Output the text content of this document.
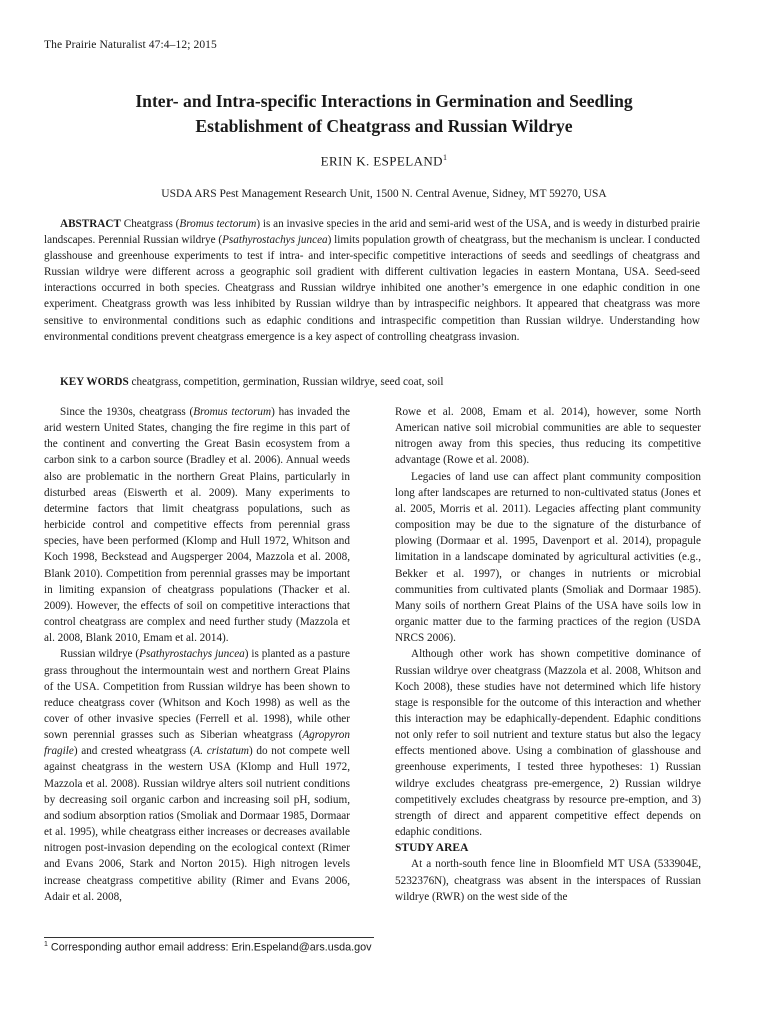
The Prairie Naturalist 47:4–12; 2015
Inter- and Intra-specific Interactions in Germination and Seedling
Establishment of Cheatgrass and Russian Wildrye
ERIN K. ESPELAND$^1$
USDA ARS Pest Management Research Unit, 1500 N. Central Avenue, Sidney, MT 59270, USA

ABSTRACT Cheatgrass (Bromus tectorum) is an invasive species in the arid and semi-arid west of the USA, and is weedy in disturbed prairie landscapes. Perennial Russian wildrye (Psathyrostachys juncea) limits population growth of cheatgrass, but the mechanism is unclear. I conducted glasshouse and greenhouse experiments to test if intra- and inter-specific competitive interactions of seeds and seedlings of cheatgrass and Russian wildrye were different across a geographic soil gradient with different cultivation legacies in eastern Montana, USA. Seed-seed interactions occurred in both species. Cheatgrass and Russian wildrye inhibited one another’s emergence in one edaphic condition in one experiment. Cheatgrass growth was less inhibited by Russian wildrye than by intraspecific neighbors. It appeared that cheatgrass was more sensitive to environmental conditions such as edaphic conditions and intraspecific competition than Russian wildrye. Understanding how environmental conditions prevent cheatgrass emergence is a key aspect of controlling cheatgrass invasion.

KEY WORDS cheatgrass, competition, germination, Russian wildrye, seed coat, soil

Since the 1930s, cheatgrass (Bromus tectorum) has invaded the arid western United States, changing the fire regime in this part of the continent and converting the Great Basin ecosystem from a carbon sink to a carbon source (Bradley et al. 2006). Annual weeds also are problematic in the northern Great Plains, particularly in disturbed areas (Eiswerth et al. 2009). Many experiments to determine factors that limit cheatgrass populations, such as herbicide control and competitive effects from perennial grass species, have been performed (Klomp and Hull 1972, Whitson and Koch 1998, Beckstead and Augsperger 2004, Mazzola et al. 2008, Blank 2010). Competition from perennial grasses may be important in limiting expansion of cheatgrass populations (Thacker et al. 2009). However, the effects of soil on competitive interactions that control cheatgrass are complex and need further study (Mazzola et al. 2008, Blank 2010, Emam et al. 2014).

Russian wildrye (Psathyrostachys juncea) is planted as a pasture grass throughout the intermountain west and northern Great Plains of the USA. Competition from Russian wildrye has been shown to reduce cheatgrass cover (Whitson and Koch 1998) as well as the cover of other invasive species (Ferrell et al. 1998), while other sown perennial grasses such as Siberian wheatgrass (Agropyron fragile) and crested wheatgrass (A. cristatum) do not compete well against cheatgrass in the western USA (Klomp and Hull 1972, Mazzola et al. 2008). Russian wildrye alters soil nutrient conditions by decreasing soil organic carbon and increasing soil pH, sodium, and sodium absorption ratios (Smoliak and Dormaar 1985, Dormaar et al. 1995), while cheatgrass either increases or decreases available nitrogen post-invasion depending on the ecological context (Rimer and Evans 2006, Stark and Norton 2015). High nitrogen levels increase cheatgrass competitive ability (Rimer and Evans 2006, Adair et al. 2008,

Rowe et al. 2008, Emam et al. 2014), however, some North American native soil microbial communities are able to sequester nitrogen away from this species, thus reducing its competitive advantage (Rowe et al. 2008).

Legacies of land use can affect plant community composition long after landscapes are returned to non-cultivated status (Jones et al. 2005, Morris et al. 2011). Legacies affecting plant community composition may be due to the signature of the disturbance of plowing (Dormaar et al. 1995, Davenport et al. 2014), propagule limitation in a landscape dominated by agricultural activities (e.g., Bekker et al. 1997), or changes in nutrients or microbial communities from cultivated plants (Smoliak and Dormaar 1985). Many soils of northern Great Plains of the USA have soils low in organic matter due to the farming practices of the region (USDA NRCS 2006).

Although other work has shown competitive dominance of Russian wildrye over cheatgrass (Mazzola et al. 2008, Whitson and Koch 2008), these studies have not determined which life history stage is responsible for the outcome of this interaction and whether this interaction may be edaphically-dependent. Edaphic conditions not only refer to soil nutrient and texture status but also the legacy effects mentioned above. Using a combination of glasshouse and greenhouse experiments, I tested three hypotheses: 1) Russian wildrye excludes cheatgrass pre-emergence, 2) Russian wildrye competitively excludes cheatgrass by resource pre-emption, and 3) strength of direct and apparent competitive effect depends on edaphic conditions.

STUDY AREA

At a north-south fence line in Bloomfield MT USA (533904E, 5232376N), cheatgrass was absent in the interspaces of Russian wildrye (RWR) on the west side of the

$^1$ Corresponding author email address: Erin.Espeland@ars.usda.gov
